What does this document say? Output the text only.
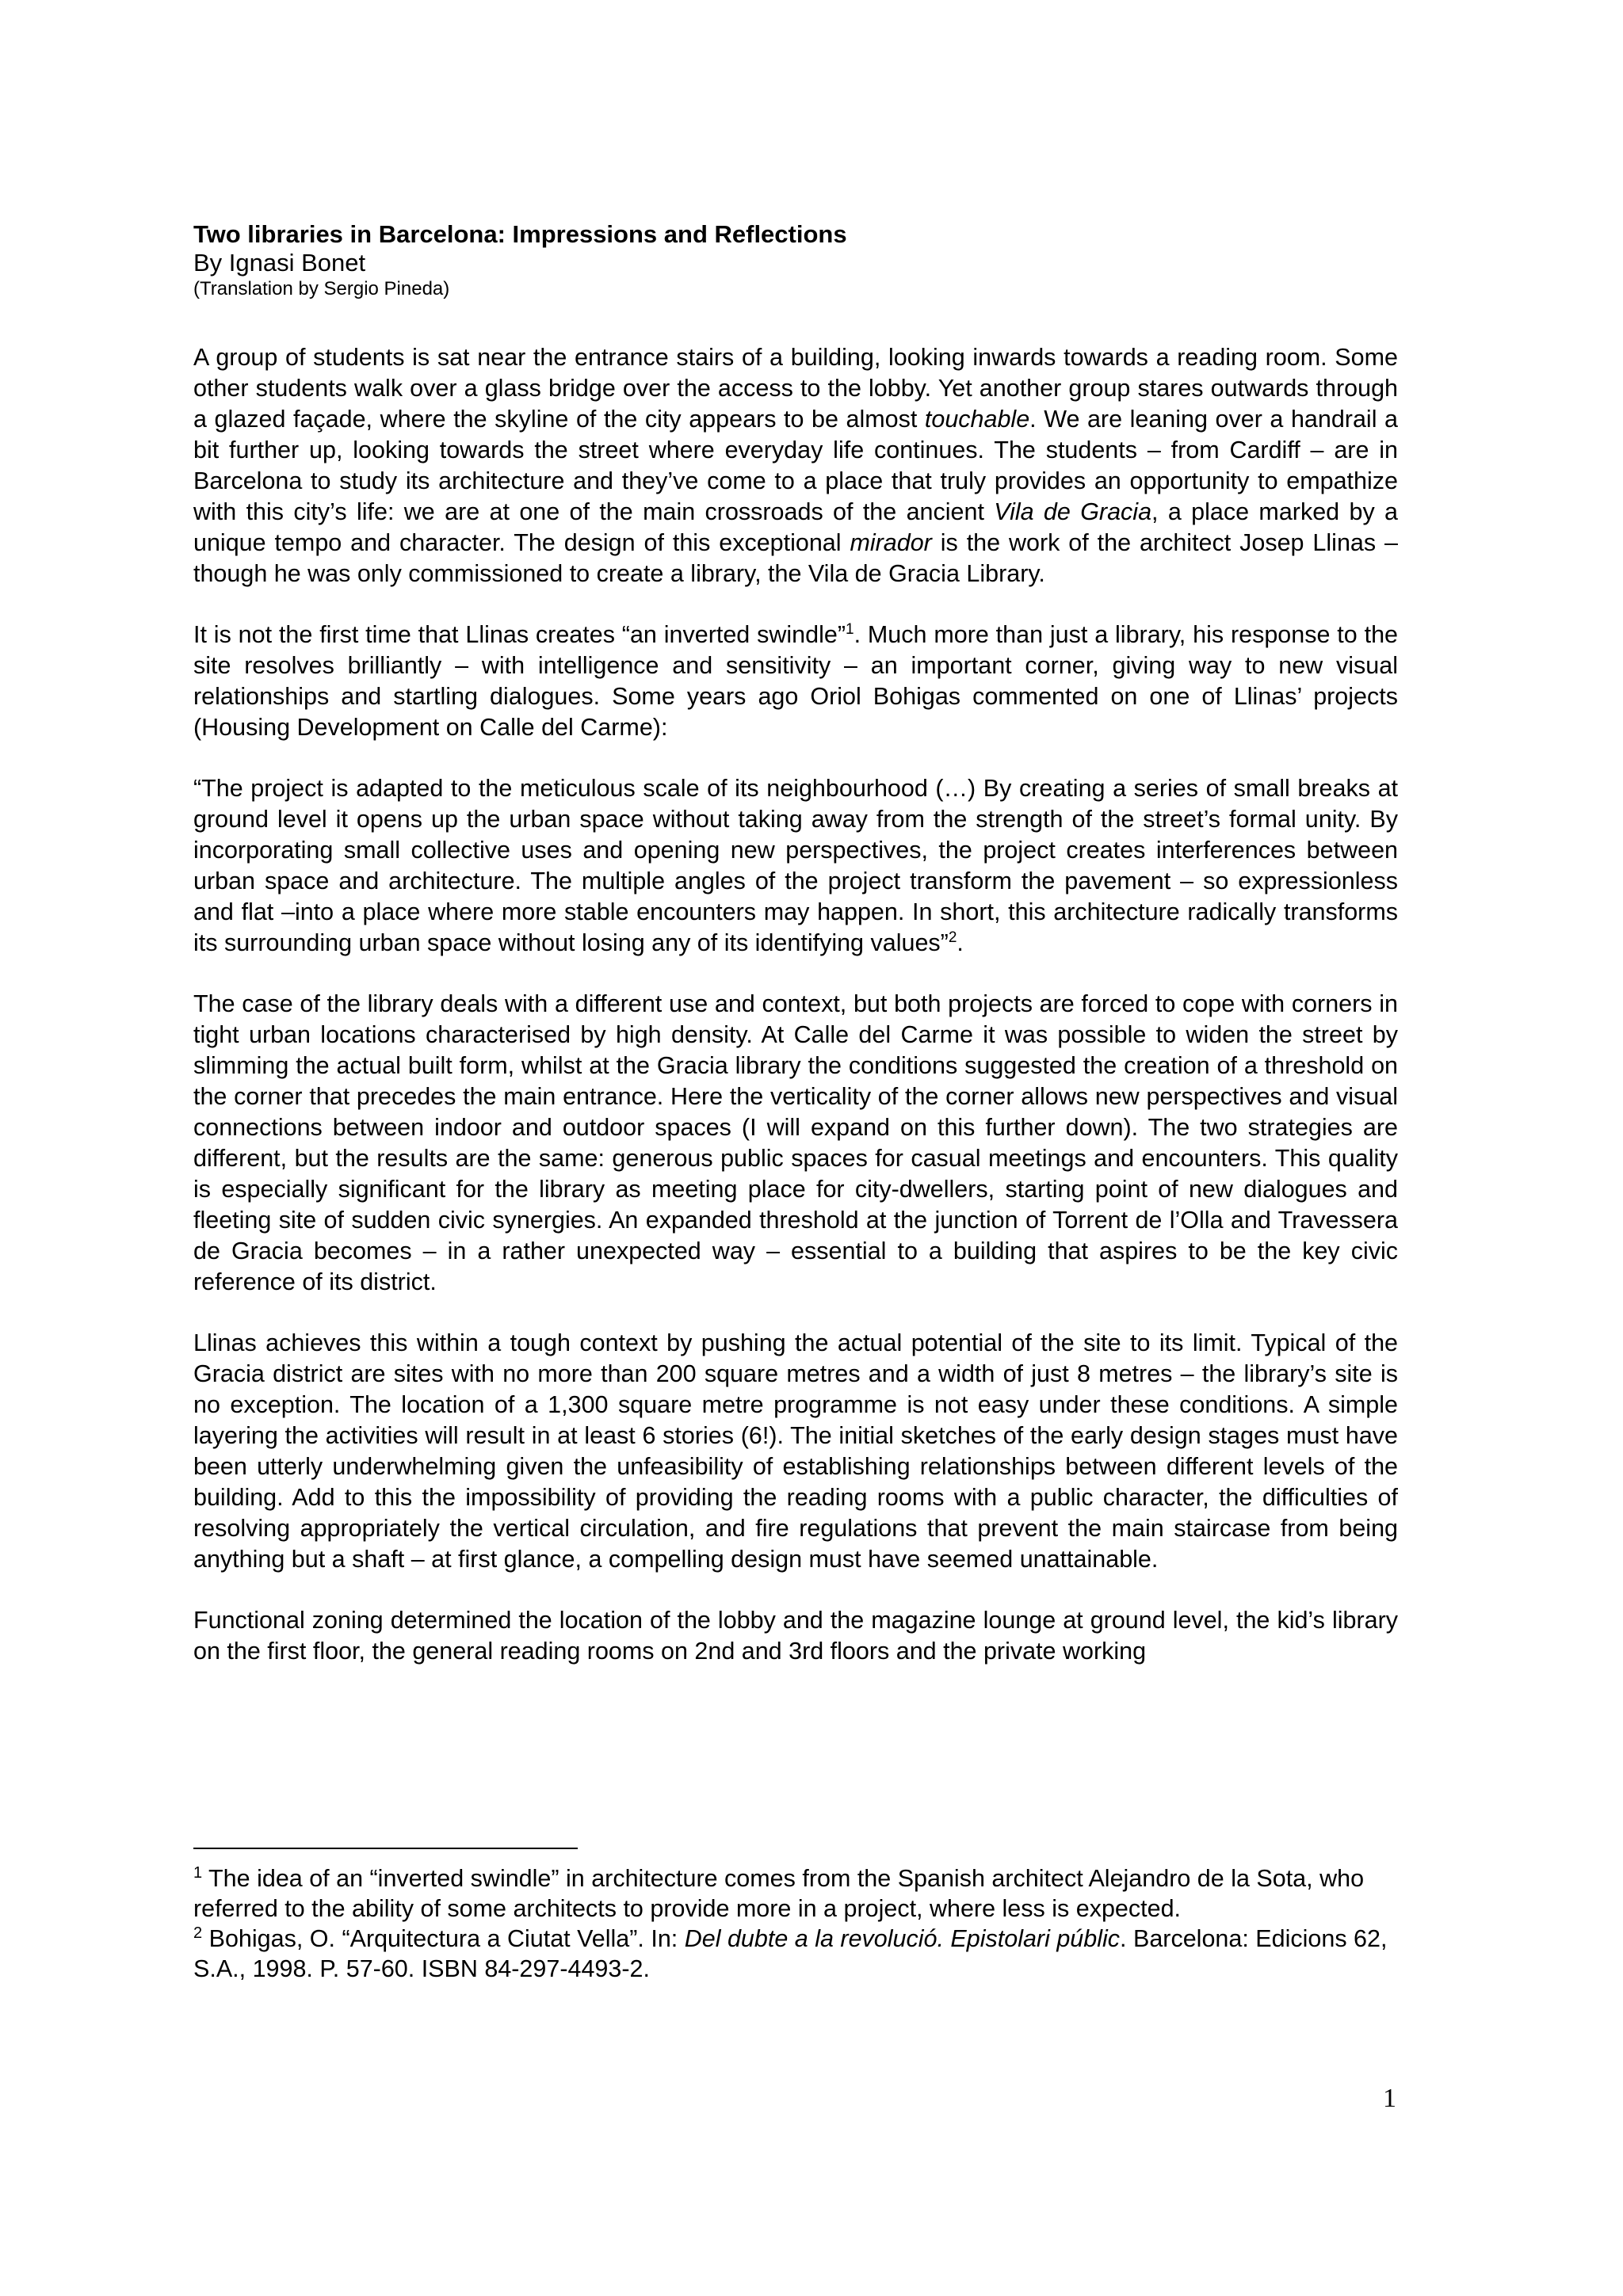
Two libraries in Barcelona: Impressions and Reflections
By Ignasi Bonet
(Translation by Sergio Pineda)

A group of students is sat near the entrance stairs of a building, looking inwards towards a reading room. Some other students walk over a glass bridge over the access to the lobby. Yet another group stares outwards through a glazed façade, where the skyline of the city appears to be almost touchable. We are leaning over a handrail a bit further up, looking towards the street where everyday life continues. The students – from Cardiff – are in Barcelona to study its architecture and they’ve come to a place that truly provides an opportunity to empathize with this city’s life: we are at one of the main crossroads of the ancient Vila de Gracia, a place marked by a unique tempo and character. The design of this exceptional mirador is the work of the architect Josep Llinas – though he was only commissioned to create a library, the Vila de Gracia Library.

It is not the first time that Llinas creates “an inverted swindle”$^1$. Much more than just a library, his response to the site resolves brilliantly – with intelligence and sensitivity – an important corner, giving way to new visual relationships and startling dialogues. Some years ago Oriol Bohigas commented on one of Llinas’ projects (Housing Development on Calle del Carme):

“The project is adapted to the meticulous scale of its neighbourhood (…) By creating a series of small breaks at ground level it opens up the urban space without taking away from the strength of the street’s formal unity. By incorporating small collective uses and opening new perspectives, the project creates interferences between urban space and architecture. The multiple angles of the project transform the pavement – so expressionless and flat –into a place where more stable encounters may happen. In short, this architecture radically transforms its surrounding urban space without losing any of its identifying values”$^2$.

The case of the library deals with a different use and context, but both projects are forced to cope with corners in tight urban locations characterised by high density. At Calle del Carme it was possible to widen the street by slimming the actual built form, whilst at the Gracia library the conditions suggested the creation of a threshold on the corner that precedes the main entrance. Here the verticality of the corner allows new perspectives and visual connections between indoor and outdoor spaces (I will expand on this further down). The two strategies are different, but the results are the same: generous public spaces for casual meetings and encounters. This quality is especially significant for the library as meeting place for city-dwellers, starting point of new dialogues and fleeting site of sudden civic synergies. An expanded threshold at the junction of Torrent de l’Olla and Travessera de Gracia becomes – in a rather unexpected way – essential to a building that aspires to be the key civic reference of its district.

Llinas achieves this within a tough context by pushing the actual potential of the site to its limit. Typical of the Gracia district are sites with no more than 200 square metres and a width of just 8 metres – the library’s site is no exception. The location of a 1,300 square metre programme is not easy under these conditions. A simple layering the activities will result in at least 6 stories (6!). The initial sketches of the early design stages must have been utterly underwhelming given the unfeasibility of establishing relationships between different levels of the building. Add to this the impossibility of providing the reading rooms with a public character, the difficulties of resolving appropriately the vertical circulation, and fire regulations that prevent the main staircase from being anything but a shaft – at first glance, a compelling design must have seemed unattainable.

Functional zoning determined the location of the lobby and the magazine lounge at ground level, the kid’s library on the first floor, the general reading rooms on 2nd and 3rd floors and the private working

$^1$ The idea of an “inverted swindle” in architecture comes from the Spanish architect Alejandro de la Sota, who referred to the ability of some architects to provide more in a project, where less is expected.

$^2$ Bohigas, O. “Arquitectura a Ciutat Vella”. In: Del dubte a la revolució. Epistolari públic. Barcelona: Edicions 62, S.A., 1998. P. 57-60. ISBN 84-297-4493-2.

1
